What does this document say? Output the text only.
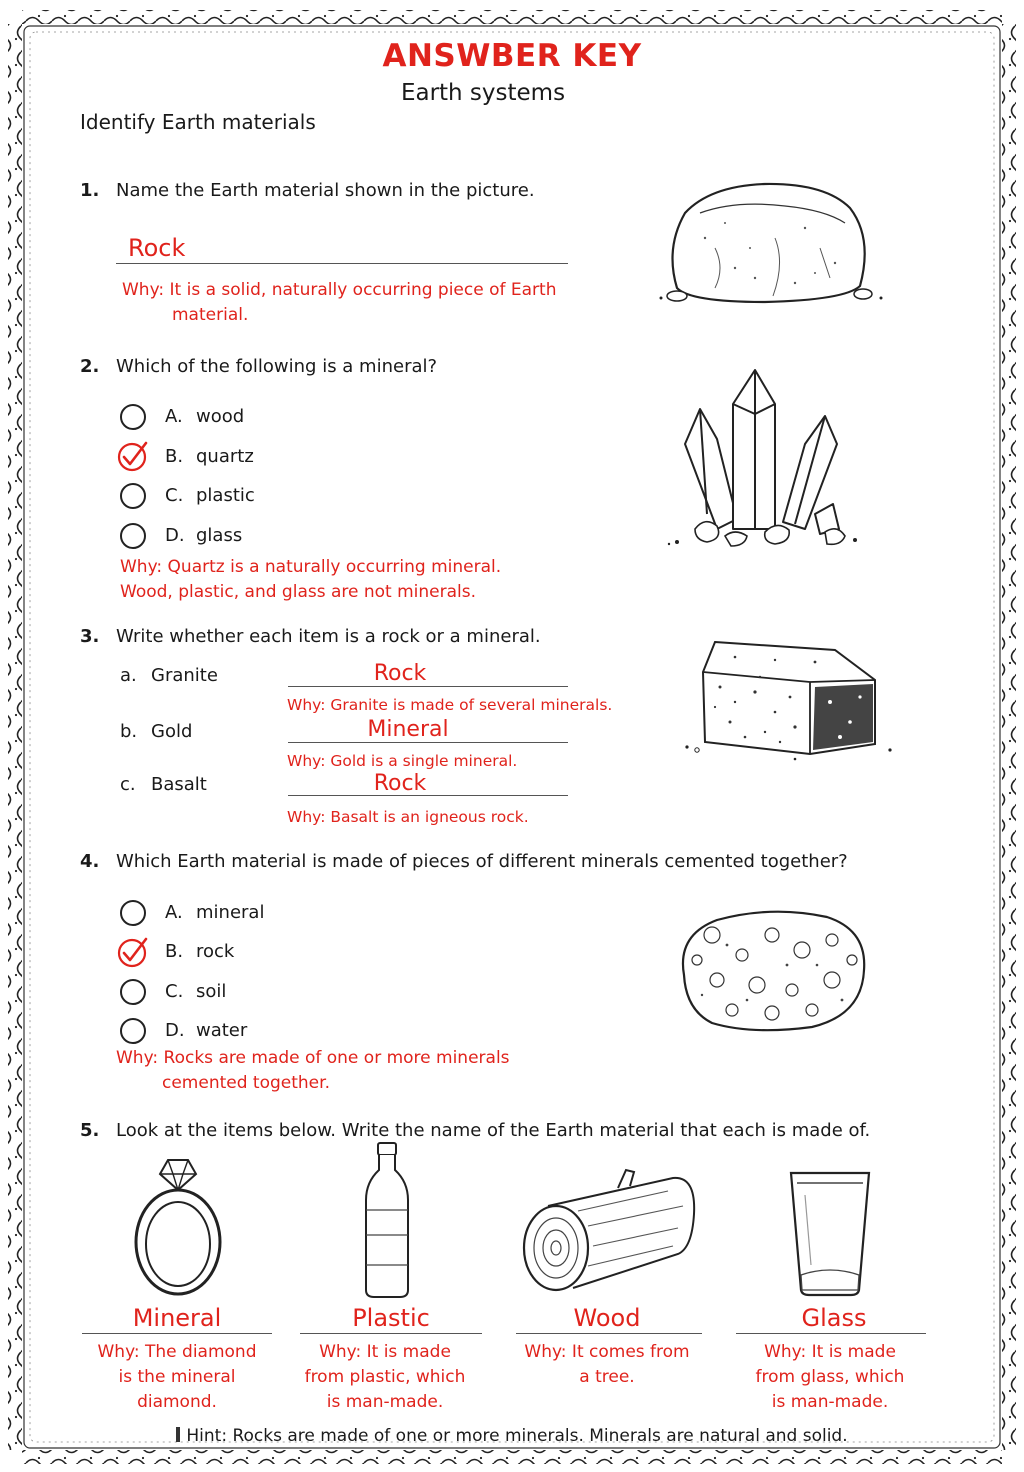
ANSWBER KEY
Earth systems
Identify Earth materials
1. Name the Earth material shown in the picture.
Rock
Why: It is a solid, naturally occurring piece of Earth
material.
2. Which of the following is a mineral?
A. wood
B. quartz
C. plastic
D. glass
Why: Quartz is a naturally occurring mineral.
Wood, plastic, and glass are not minerals.
3. Write whether each item is a rock or a mineral.
a. Granite	Rock
Why: Granite is made of several minerals.
b. Gold	Mineral
Why: Gold is a single mineral.
c. Basalt	Rock
Why: Basalt is an igneous rock.
4. Which Earth material is made of pieces of different minerals cemented together?
A. mineral
B. rock
C. soil
D. water
Why: Rocks are made of one or more minerals
cemented together.
5. Look at the items below. Write the name of the Earth material that each is made of.
Mineral
Why: The diamond
is the mineral
diamond.
Plastic
Why: It is made
from plastic, which
is man-made.
Wood
Why: It comes from
a tree.
Glass
Why: It is made
from glass, which
is man-made.
Hint: Rocks are made of one or more minerals. Minerals are natural and solid.
